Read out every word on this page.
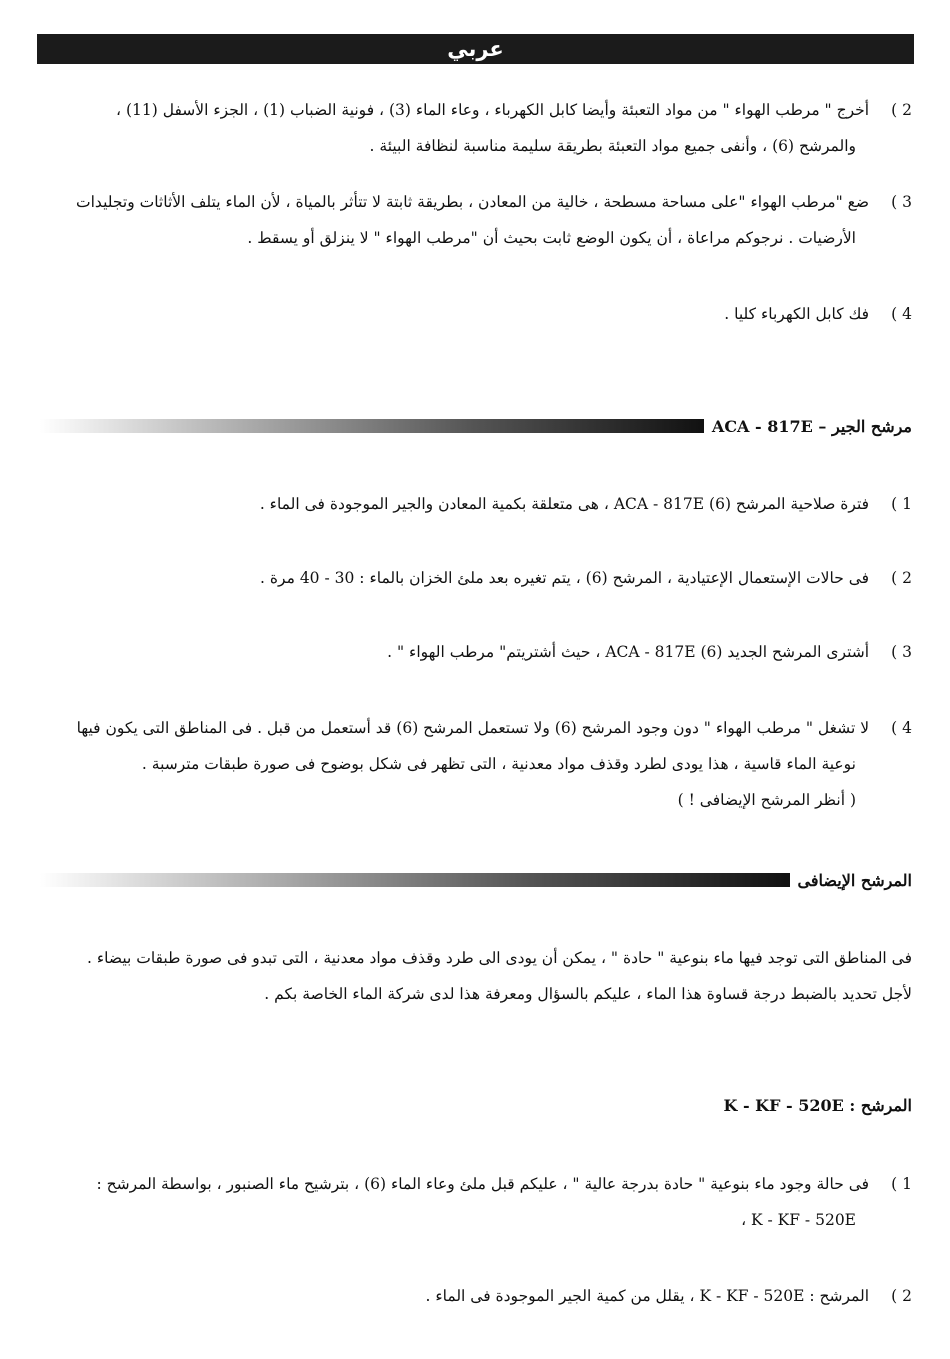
عربي
2 ) أخرج " مرطب الهواء " من مواد التعبئة وأيضا كابل الكهرباء ، وعاء الماء (3) ، فونية الضباب (1) ، الجزء الأسفل (11) ،
والمرشح (6) ، وأنفى جميع مواد التعبئة بطريقة سليمة مناسبة لنظافة البيئة .
3 ) ضع "مرطب الهواء "على مساحة مسطحة ، خالية من المعادن ، بطريقة ثابتة لا تتأثر بالمياة ، لأن الماء يتلف الأثاثات وتجليدات
الأرضيات . نرجوكم مراعاة ، أن يكون الوضع ثابت بحيث أن "مرطب الهواء " لا ينزلق أو يسقط .
4 ) فك كابل الكهرباء كليا .
مرشح الجير – ACA - 817E
1 ) فترة صلاحية المرشح (6) ACA - 817E ، هى متعلقة بكمية المعادن والجير الموجودة فى الماء .
2 ) فى حالات الإستعمال الإعتيادية ، المرشح (6) ، يتم تغيره بعد ملئ الخزان بالماء : 30 - 40 مرة .
3 ) أشترى المرشح الجديد (6) ACA - 817E ، حيث أشتريتم" مرطب الهواء " .
4 ) لا تشغل " مرطب الهواء " دون وجود المرشح (6) ولا تستعمل المرشح (6) قد أستعمل من قبل . فى المناطق التى يكون فيها
نوعية الماء قاسية ، هذا يودى لطرد وقذف مواد معدنية ، التى تظهر فى شكل بوضوح فى صورة طبقات مترسبة .
( أنظر المرشح الإيضافى ! )
المرشح الإيضافى
فى المناطق التى توجد فيها ماء بنوعية " حادة " ، يمكن أن يودى الى طرد وقذف مواد معدنية ، التى تبدو فى صورة طبقات بيضاء .
لأجل تحديد بالضبط درجة قساوة هذا الماء ، عليكم بالسؤال ومعرفة هذا لدى شركة الماء الخاصة بكم .
المرشح : K - KF - 520E
1 ) فى حالة وجود ماء بنوعية " حادة بدرجة عالية " ، عليكم قبل ملئ وعاء الماء (6) ، بترشيح ماء الصنبور ، بواسطة المرشح :
K - KF - 520E ،
2 ) المرشح : K - KF - 520E ، يقلل من كمية الجير الموجودة فى الماء .
